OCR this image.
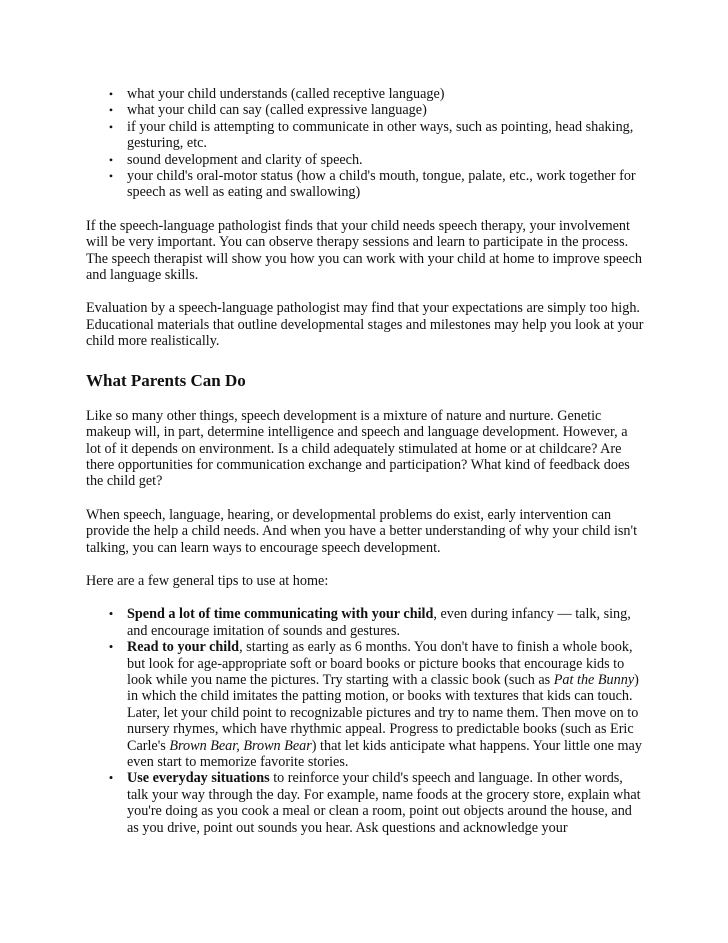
• what your child understands (called receptive language)
• what your child can say (called expressive language)
• if your child is attempting to communicate in other ways, such as pointing, head shaking, gesturing, etc.
• sound development and clarity of speech.
• your child's oral-motor status (how a child's mouth, tongue, palate, etc., work together for speech as well as eating and swallowing)

If the speech-language pathologist finds that your child needs speech therapy, your involvement will be very important. You can observe therapy sessions and learn to participate in the process. The speech therapist will show you how you can work with your child at home to improve speech and language skills.

Evaluation by a speech-language pathologist may find that your expectations are simply too high. Educational materials that outline developmental stages and milestones may help you look at your child more realistically.

What Parents Can Do

Like so many other things, speech development is a mixture of nature and nurture. Genetic makeup will, in part, determine intelligence and speech and language development. However, a lot of it depends on environment. Is a child adequately stimulated at home or at childcare? Are there opportunities for communication exchange and participation? What kind of feedback does the child get?

When speech, language, hearing, or developmental problems do exist, early intervention can provide the help a child needs. And when you have a better understanding of why your child isn't talking, you can learn ways to encourage speech development.

Here are a few general tips to use at home:

• Spend a lot of time communicating with your child, even during infancy — talk, sing, and encourage imitation of sounds and gestures.
• Read to your child, starting as early as 6 months. You don't have to finish a whole book, but look for age-appropriate soft or board books or picture books that encourage kids to look while you name the pictures. Try starting with a classic book (such as Pat the Bunny) in which the child imitates the patting motion, or books with textures that kids can touch. Later, let your child point to recognizable pictures and try to name them. Then move on to nursery rhymes, which have rhythmic appeal. Progress to predictable books (such as Eric Carle's Brown Bear, Brown Bear) that let kids anticipate what happens. Your little one may even start to memorize favorite stories.
• Use everyday situations to reinforce your child's speech and language. In other words, talk your way through the day. For example, name foods at the grocery store, explain what you're doing as you cook a meal or clean a room, point out objects around the house, and as you drive, point out sounds you hear. Ask questions and acknowledge your
